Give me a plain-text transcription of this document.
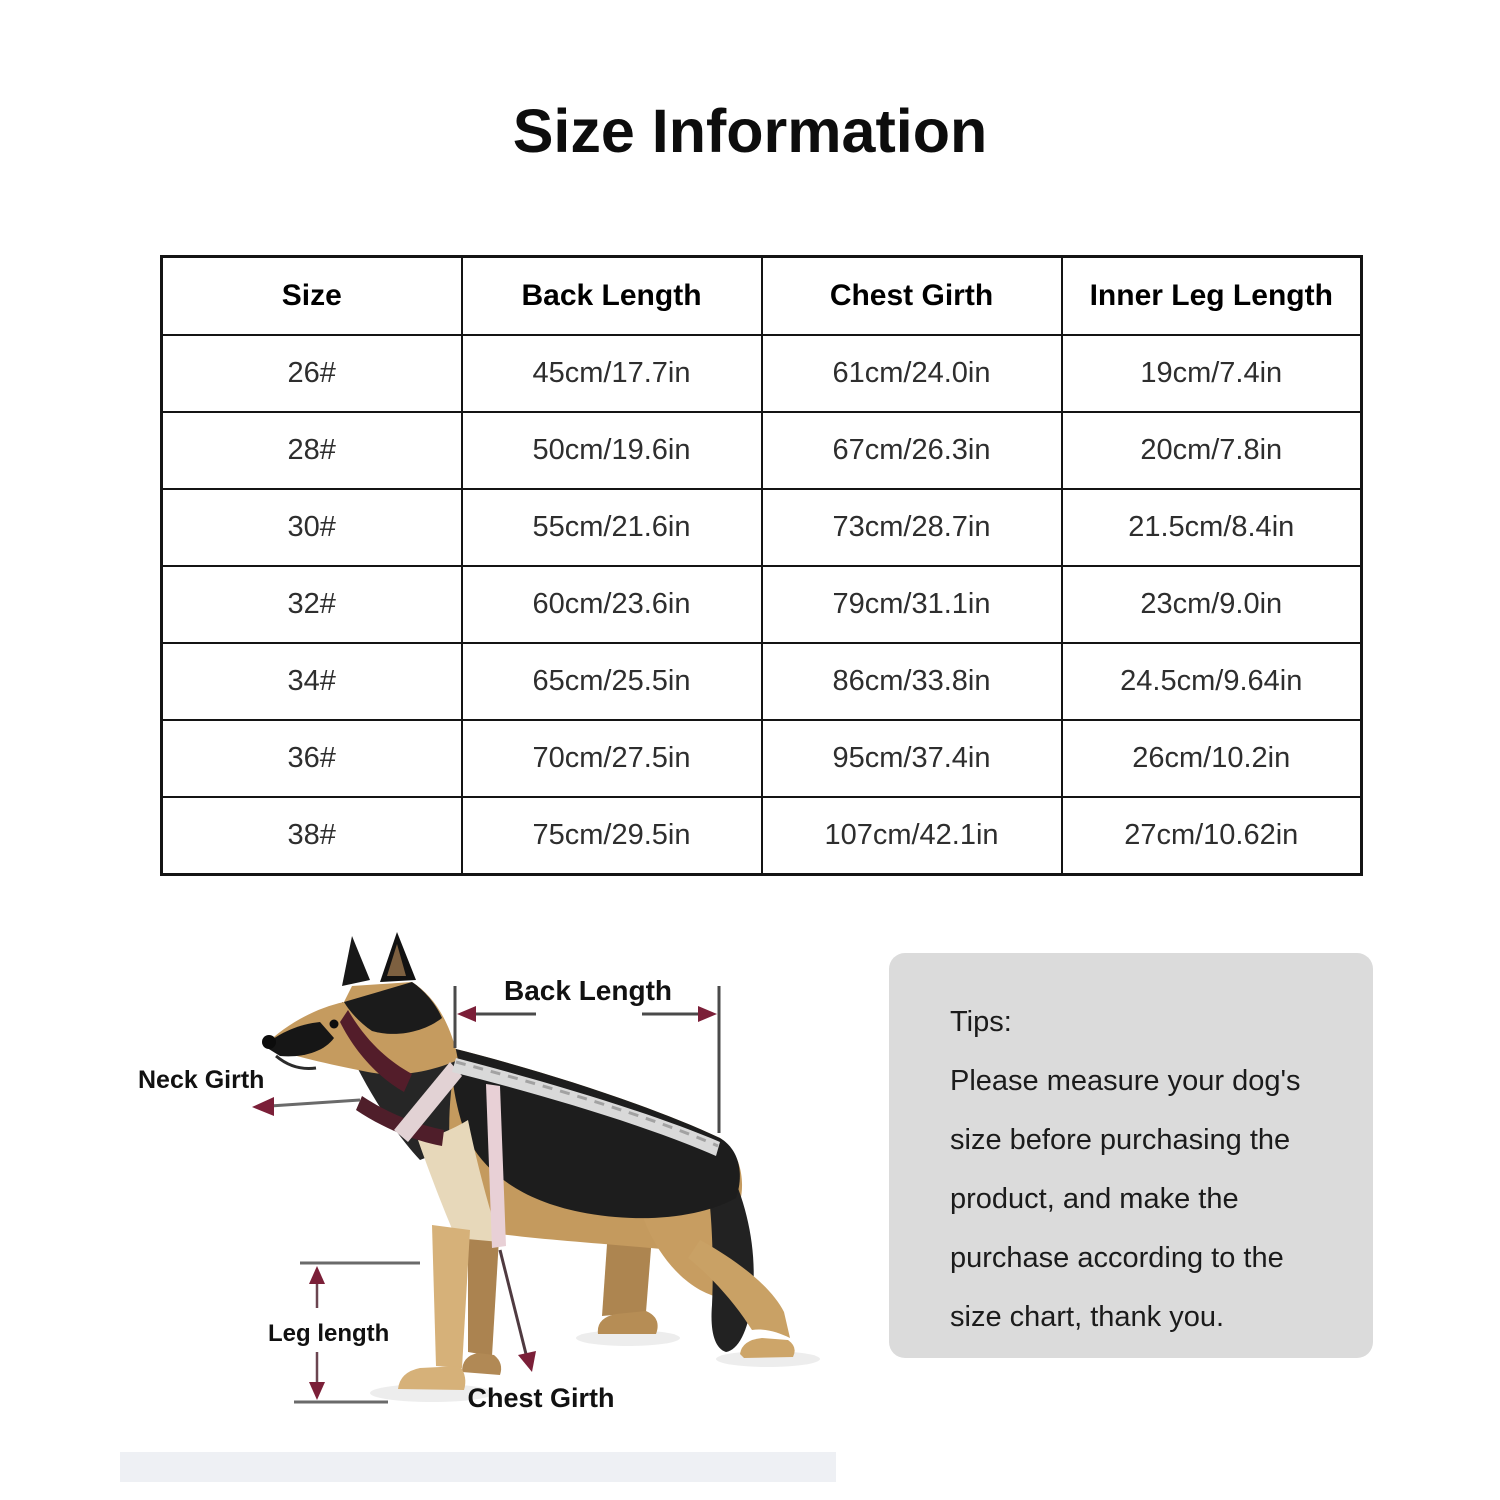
Size Information
Size	Back Length	Chest Girth	Inner Leg Length
26#	45cm/17.7in	61cm/24.0in	19cm/7.4in
28#	50cm/19.6in	67cm/26.3in	20cm/7.8in
30#	55cm/21.6in	73cm/28.7in	21.5cm/8.4in
32#	60cm/23.6in	79cm/31.1in	23cm/9.0in
34#	65cm/25.5in	86cm/33.8in	24.5cm/9.64in
36#	70cm/27.5in	95cm/37.4in	26cm/10.2in
38#	75cm/29.5in	107cm/42.1in	27cm/10.62in
Back Length
Neck Girth
Leg length
Chest Girth
Tips:
Please measure your dog's
size before purchasing the
product, and make the
purchase according to the
size chart, thank you.
